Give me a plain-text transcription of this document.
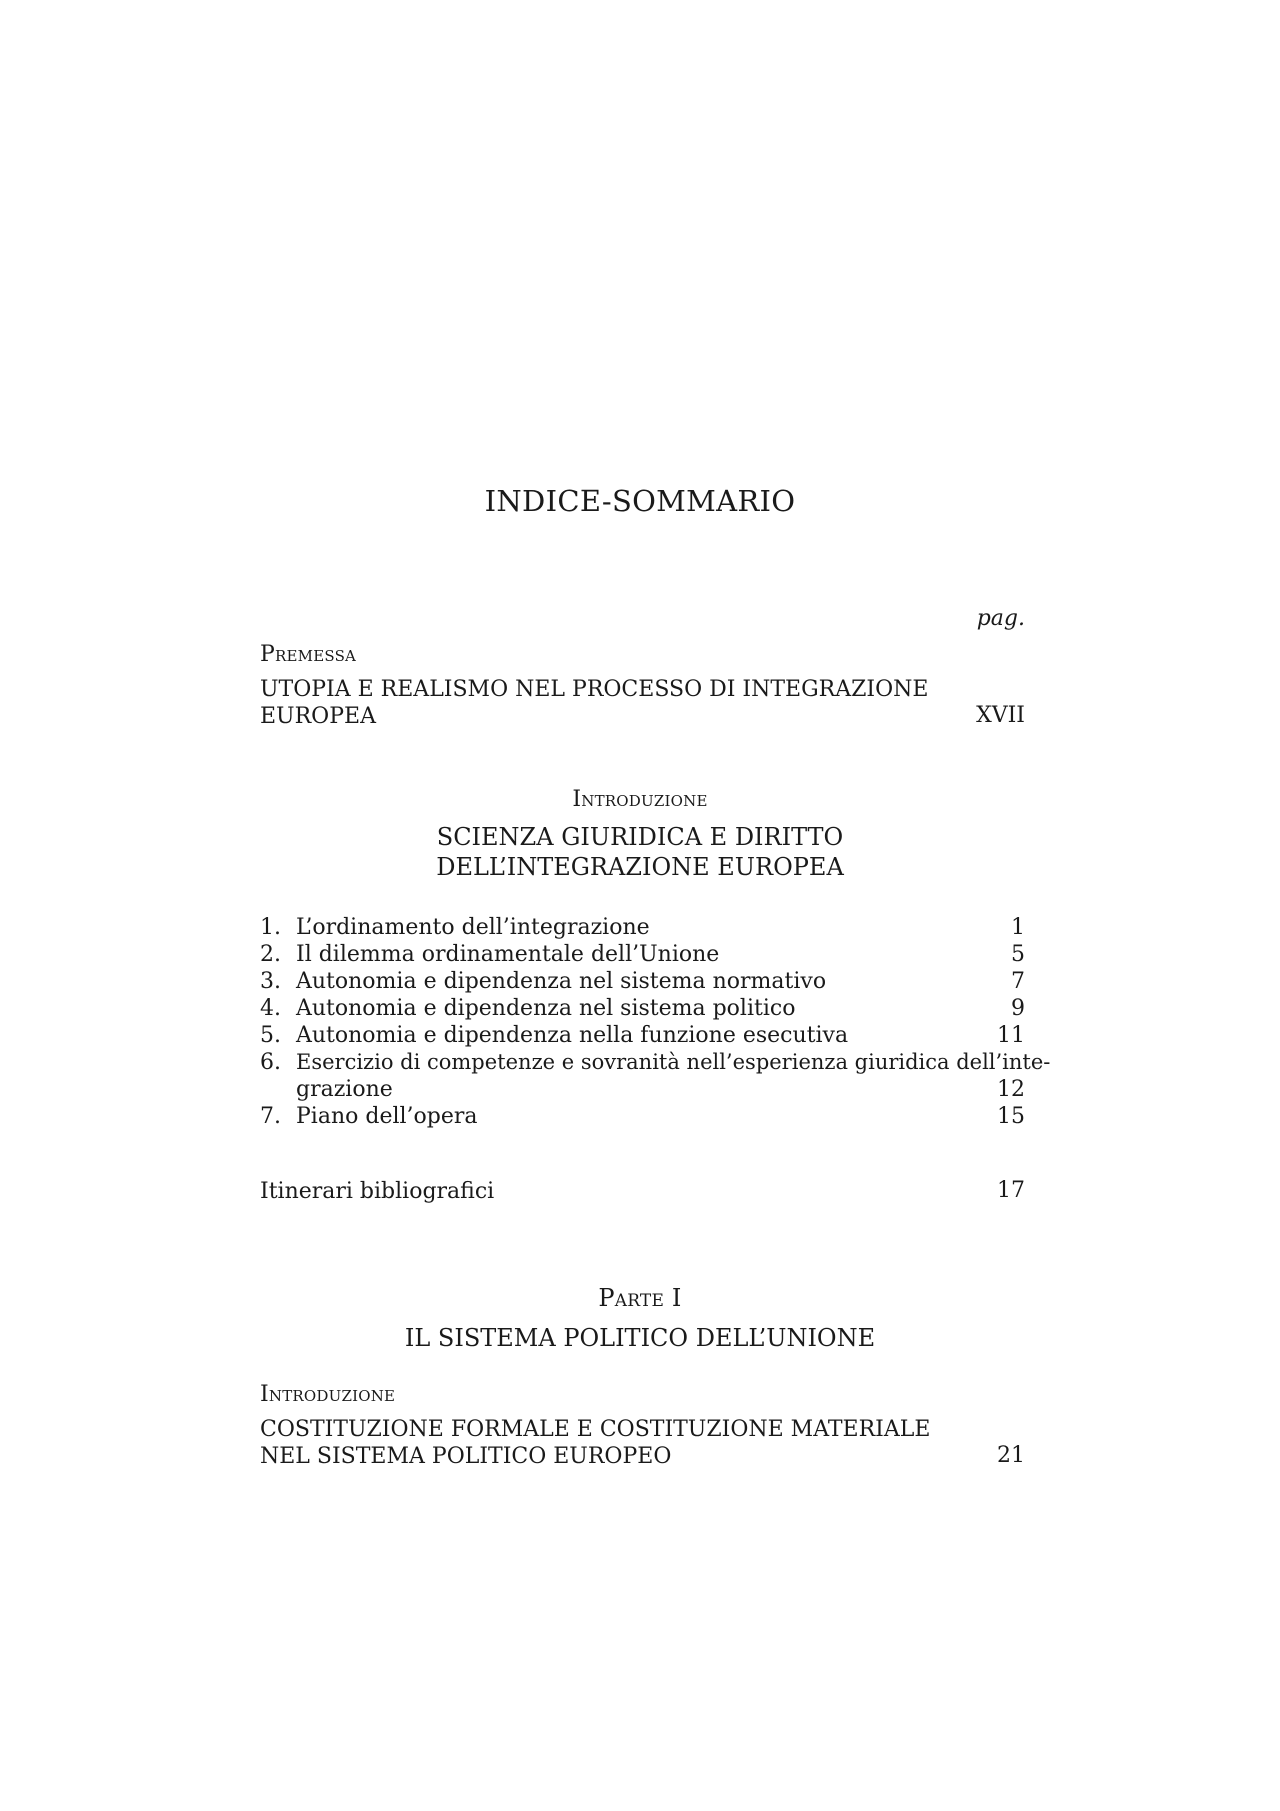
INDICE-SOMMARIO
pag.
Premessa
UTOPIA E REALISMO NEL PROCESSO DI INTEGRAZIONE
EUROPEA	XVII
Introduzione
SCIENZA GIURIDICA E DIRITTO
DELL’INTEGRAZIONE EUROPEA
1. L’ordinamento dell’integrazione	1
2. Il dilemma ordinamentale dell’Unione	5
3. Autonomia e dipendenza nel sistema normativo	7
4. Autonomia e dipendenza nel sistema politico	9
5. Autonomia e dipendenza nella funzione esecutiva	11
6. Esercizio di competenze e sovranità nell’esperienza giuridica dell’inte-
grazione	12
7. Piano dell’opera	15
Itinerari bibliografici	17
Parte I
IL SISTEMA POLITICO DELL’UNIONE
Introduzione
COSTITUZIONE FORMALE E COSTITUZIONE MATERIALE
NEL SISTEMA POLITICO EUROPEO	21
